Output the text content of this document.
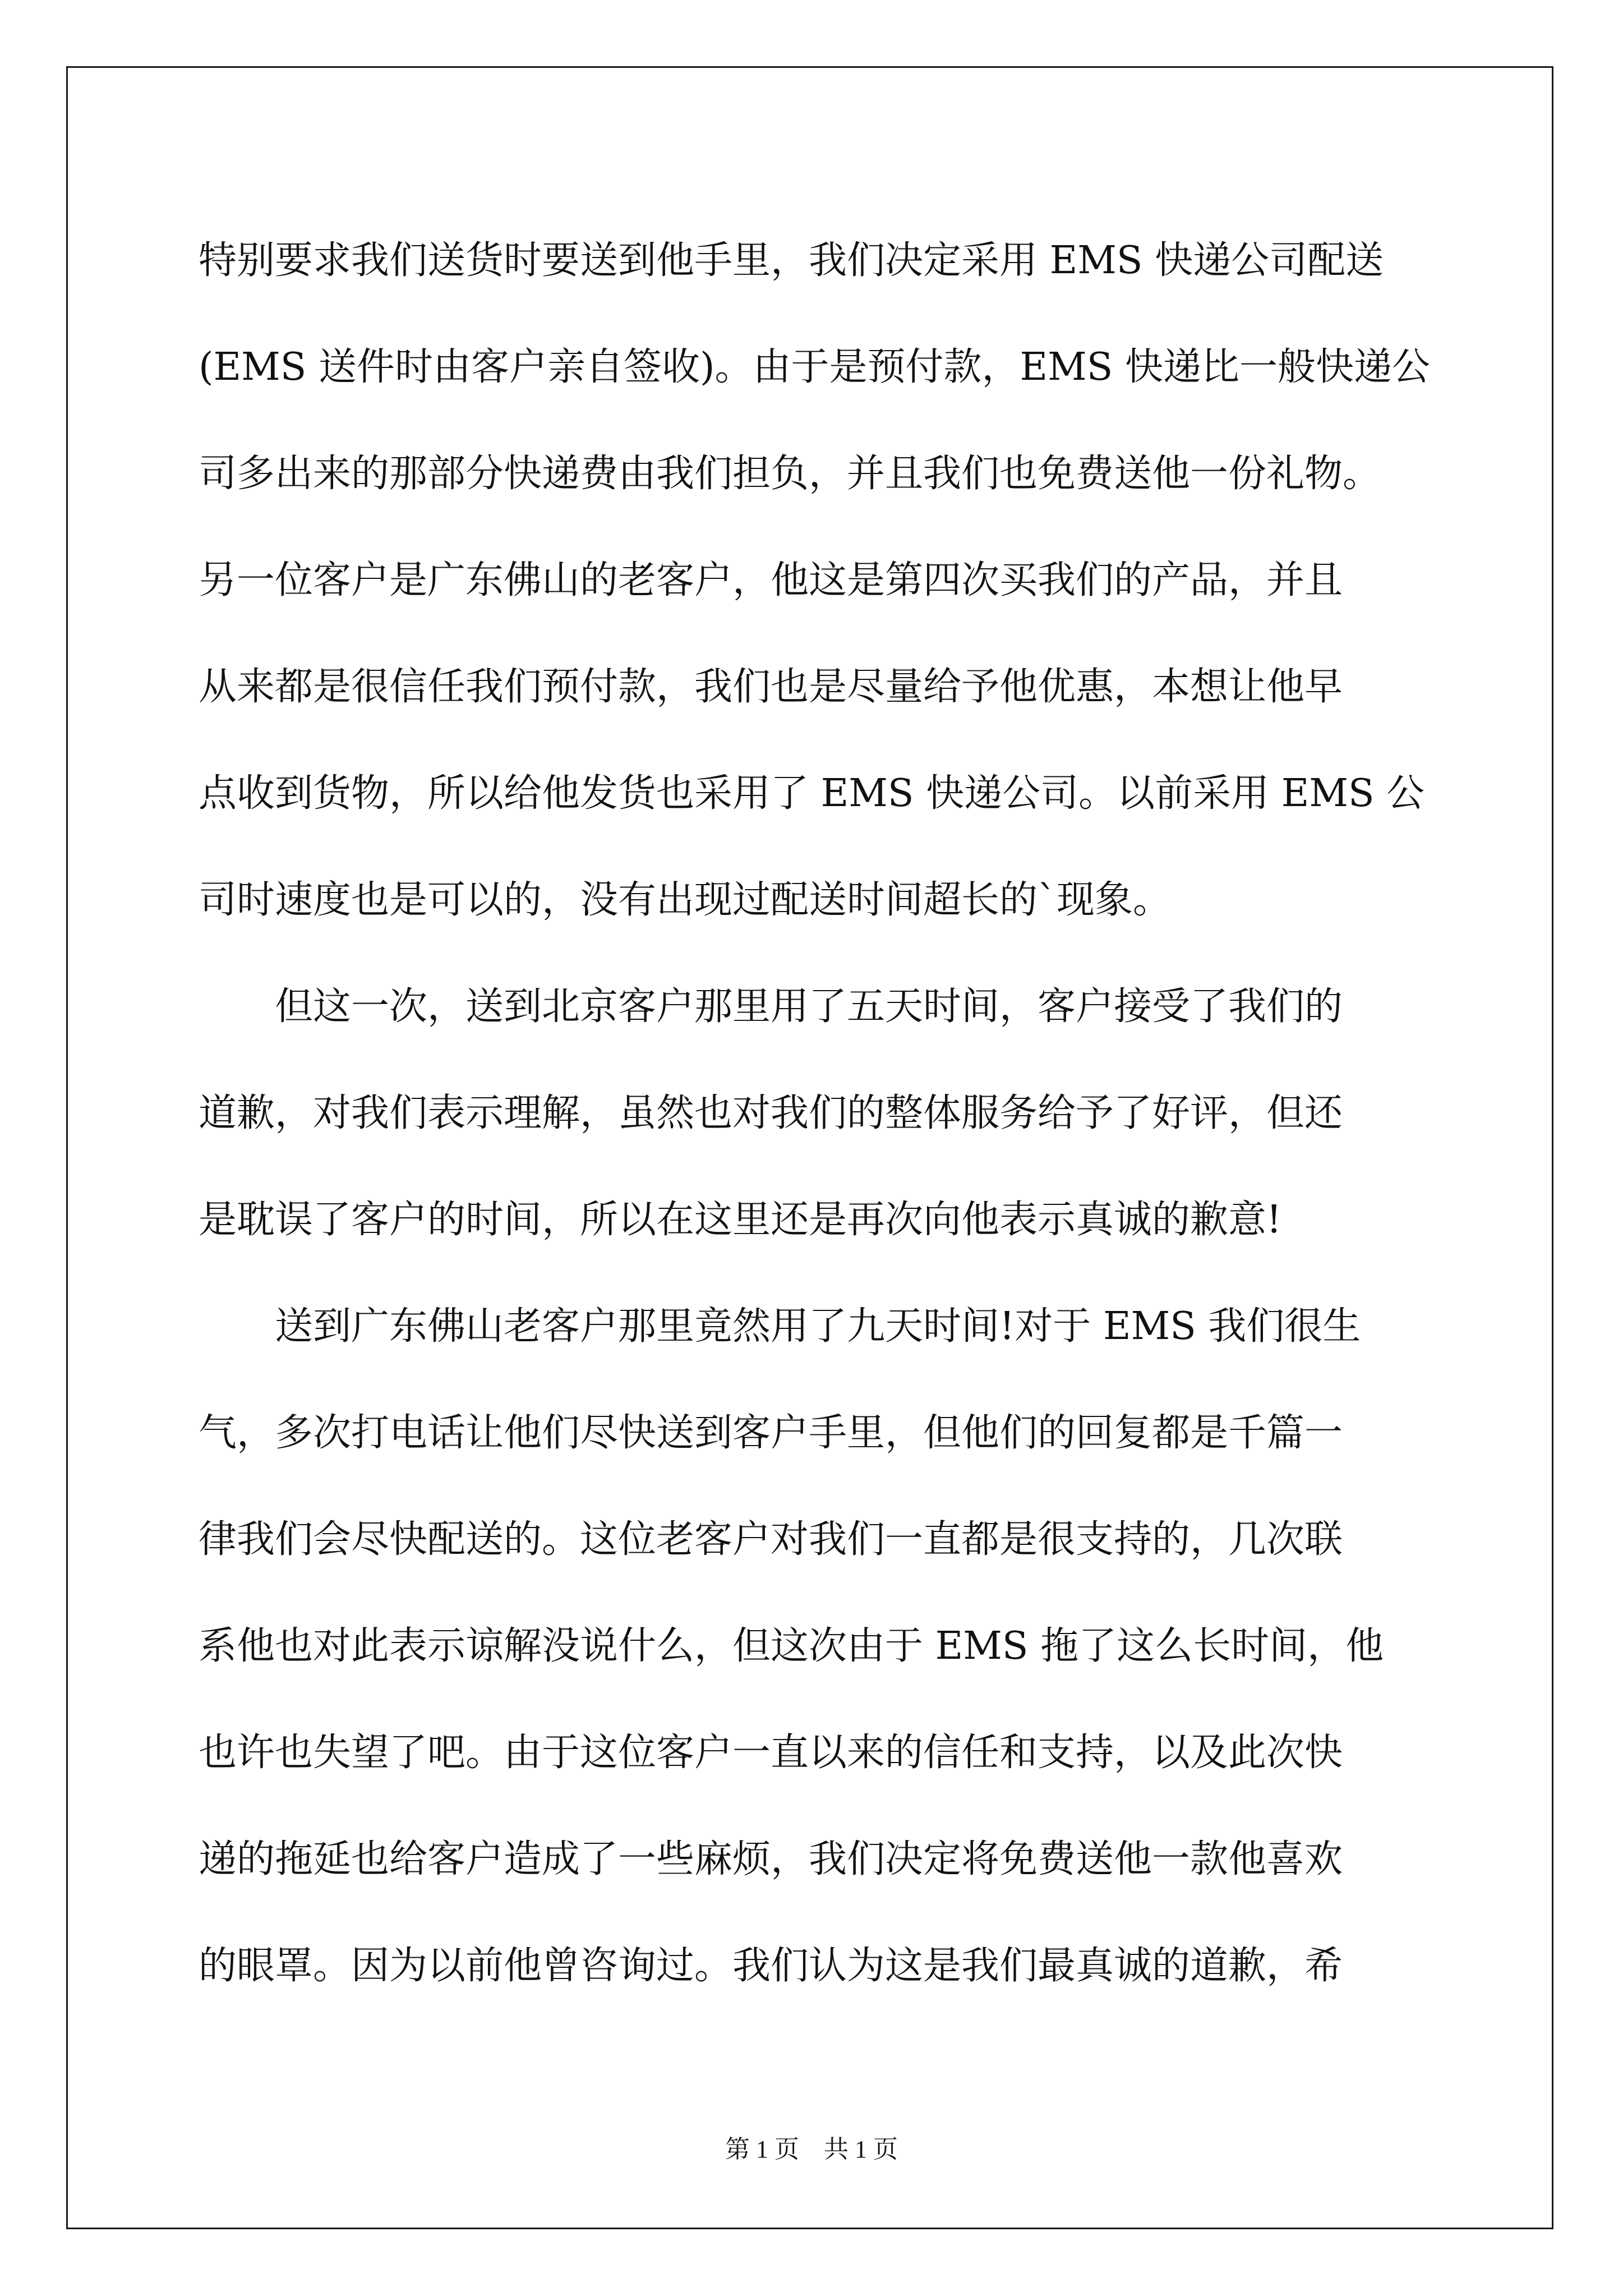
特别要求我们送货时要送到他手里，我们决定采用 EMS 快递公司配送
(EMS 送件时由客户亲自签收)。由于是预付款，EMS 快递比一般快递公
司多出来的那部分快递费由我们担负，并且我们也免费送他一份礼物。
另一位客户是广东佛山的老客户，他这是第四次买我们的产品，并且
从来都是很信任我们预付款，我们也是尽量给予他优惠，本想让他早
点收到货物，所以给他发货也采用了 EMS 快递公司。以前采用 EMS 公
司时速度也是可以的，没有出现过配送时间超长的`现象。
　　但这一次，送到北京客户那里用了五天时间，客户接受了我们的
道歉，对我们表示理解，虽然也对我们的整体服务给予了好评，但还
是耽误了客户的时间，所以在这里还是再次向他表示真诚的歉意!
　　送到广东佛山老客户那里竟然用了九天时间!对于 EMS 我们很生
气，多次打电话让他们尽快送到客户手里，但他们的回复都是千篇一
律我们会尽快配送的。这位老客户对我们一直都是很支持的，几次联
系他也对此表示谅解没说什么，但这次由于 EMS 拖了这么长时间，他
也许也失望了吧。由于这位客户一直以来的信任和支持，以及此次快
递的拖延也给客户造成了一些麻烦，我们决定将免费送他一款他喜欢
的眼罩。因为以前他曾咨询过。我们认为这是我们最真诚的道歉，希
第 1 页　共 1 页
